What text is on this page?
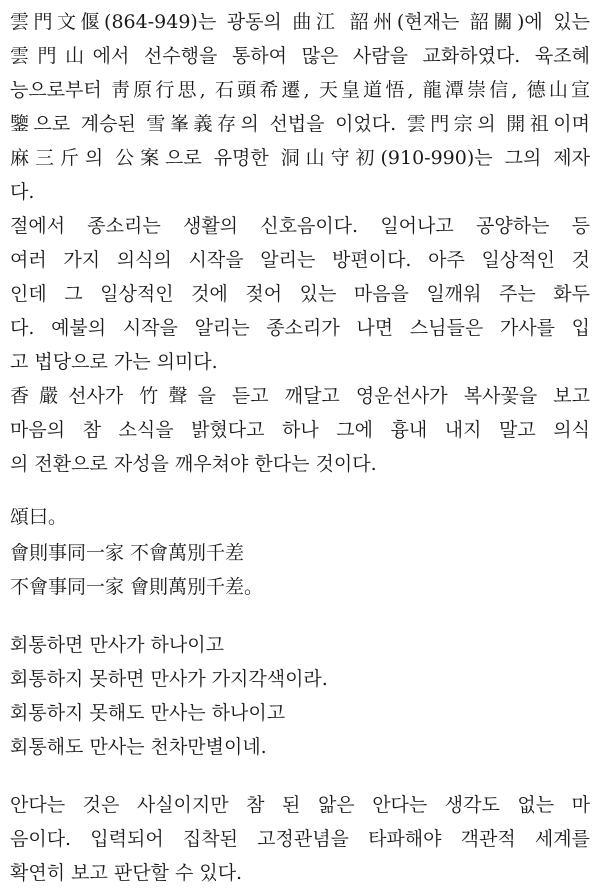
雲門文偃(864-949)는 광동의 曲江 韶州(현재는 韶關)에 있는
雲門山에서 선수행을 통하여 많은 사람을 교화하였다. 육조혜
능으로부터 靑原行思, 石頭希遷, 天皇道悟, 龍潭崇信, 德山宣
鑒으로 계승된 雪峯義存의 선법을 이었다. 雲門宗의 開祖이며
麻三斤의 公案으로 유명한 洞山守初(910-990)는 그의 제자
다.
절에서 종소리는 생활의 신호음이다. 일어나고 공양하는 등
여러 가지 의식의 시작을 알리는 방편이다. 아주 일상적인 것
인데 그 일상적인 것에 젖어 있는 마음을 일깨워 주는 화두
다. 예불의 시작을 알리는 종소리가 나면 스님들은 가사를 입
고 법당으로 가는 의미다.
香嚴선사가 竹聲을 듣고 깨달고 영운선사가 복사꽃을 보고
마음의 참 소식을 밝혔다고 하나 그에 흉내 내지 말고 의식
의 전환으로 자성을 깨우쳐야 한다는 것이다.
頌曰。
會則事同一家 不會萬別千差
不會事同一家 會則萬別千差。
회통하면 만사가 하나이고
회통하지 못하면 만사가 가지각색이라.
회통하지 못해도 만사는 하나이고
회통해도 만사는 천차만별이네.
안다는 것은 사실이지만 참 된 앎은 안다는 생각도 없는 마
음이다. 입력되어 집착된 고정관념을 타파해야 객관적 세계를
확연히 보고 판단할 수 있다.
